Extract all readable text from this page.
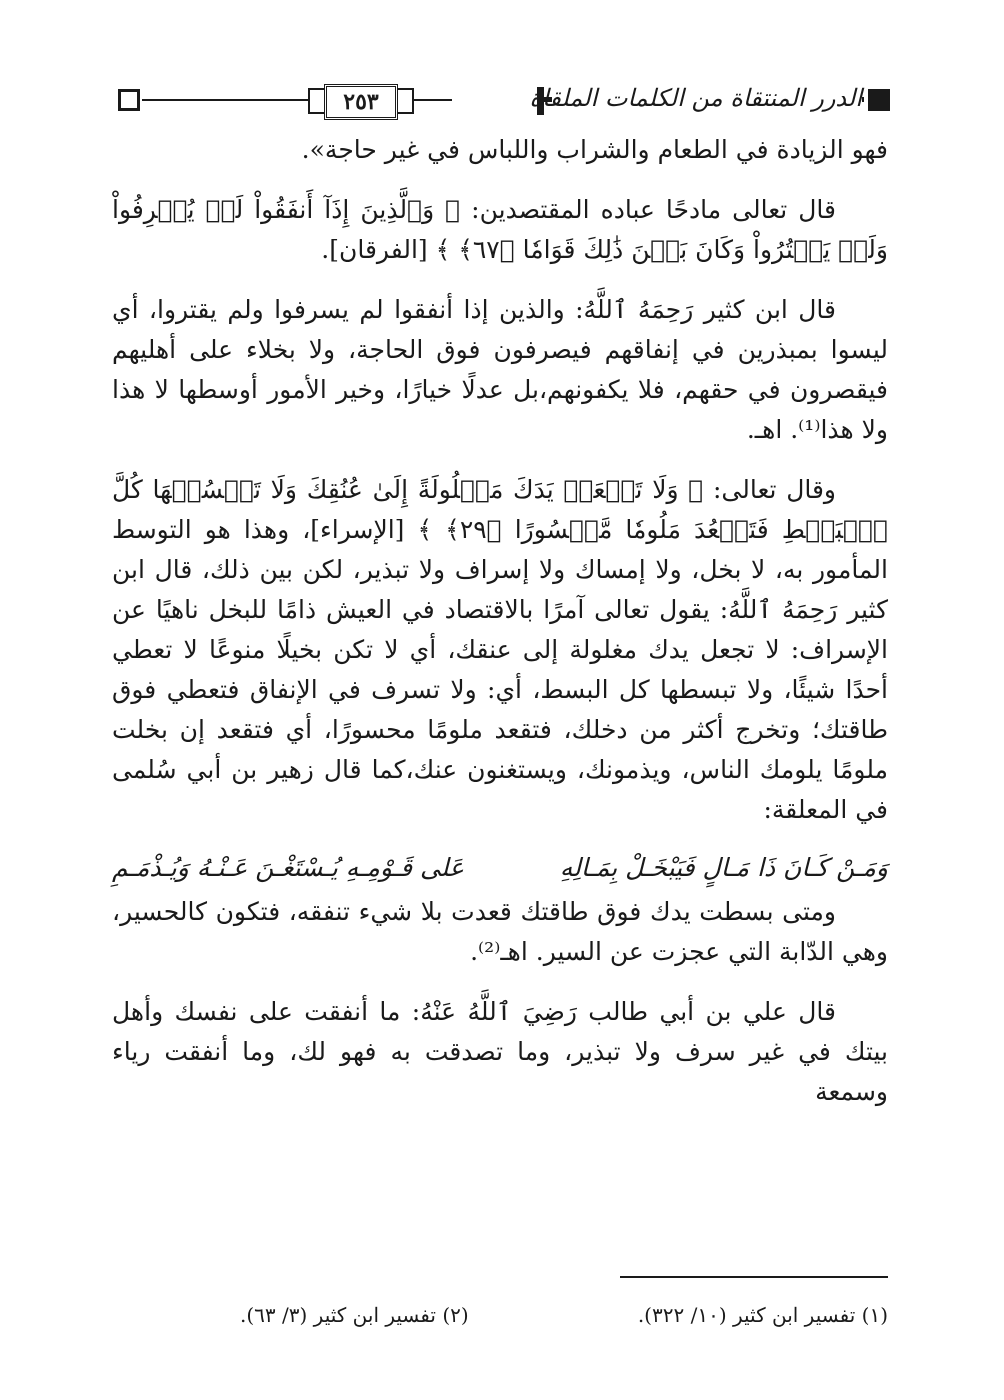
الدرر المنتقاة من الكلمات الملقاة
٢٥٣

فهو الزيادة في الطعام والشراب واللباس في غير حاجة».

قال تعالى مادحًا عباده المقتصدين: ﴿ وَٱلَّذِينَ إِذَآ أَنفَقُواْ لَمۡ يُسۡرِفُواْ وَلَمۡ يَقۡتُرُواْ وَكَانَ بَيۡنَ ذَٰلِكَ قَوَامٗا ﴿٦٧﴾ ﴾ [الفرقان].

قال ابن كثير رَحِمَهُ ٱللَّهُ: والذين إذا أنفقوا لم يسرفوا ولم يقتروا، أي ليسوا بمبذرين في إنفاقهم فيصرفون فوق الحاجة، ولا بخلاء على أهليهم فيقصرون في حقهم، فلا يكفونهم،بل عدلًا خيارًا، وخير الأمور أوسطها لا هذا ولا هذا⁽¹⁾. اهـ.

وقال تعالى: ﴿ وَلَا تَجۡعَلۡ يَدَكَ مَغۡلُولَةً إِلَىٰ عُنُقِكَ وَلَا تَبۡسُطۡهَا كُلَّ ٱلۡبَسۡطِ فَتَقۡعُدَ مَلُومٗا مَّحۡسُورًا ﴿٢٩﴾ ﴾ [الإسراء]، وهذا هو التوسط المأمور به، لا بخل، ولا إمساك ولا إسراف ولا تبذير، لكن بين ذلك، قال ابن كثير رَحِمَهُ ٱللَّهُ: يقول تعالى آمرًا بالاقتصاد في العيش ذامًا للبخل ناهيًا عن الإسراف: لا تجعل يدك مغلولة إلى عنقك، أي لا تكن بخيلًا منوعًا لا تعطي أحدًا شيئًا، ولا تبسطها كل البسط، أي: ولا تسرف في الإنفاق فتعطي فوق طاقتك؛ وتخرج أكثر من دخلك، فتقعد ملومًا محسورًا، أي فتقعد إن بخلت ملومًا يلومك الناس، ويذمونك، ويستغنون عنك،كما قال زهير بن أبي سُلمى في المعلقة:

وَمَـنْ كَـانَ ذَا مَـالٍ فَيَبْخَـلْ بِمَـالِهِ
عَلى قَـوْمِـهِ يُـسْتَغْـنَ عَـنْـهُ وَيُـذْمَـمِ

ومتى بسطت يدك فوق طاقتك قعدت بلا شيء تنفقه، فتكون كالحسير، وهي الدّابة التي عجزت عن السير. اهـ⁽²⁾.

قال علي بن أبي طالب رَضِيَ ٱللَّهُ عَنْهُ: ما أنفقت على نفسك وأهل بيتك في غير سرف ولا تبذير، وما تصدقت به فهو لك، وما أنفقت رياء وسمعة

(١) تفسير ابن كثير (١٠/ ٣٢٢).
(٢) تفسير ابن كثير (٣/ ٦٣).
